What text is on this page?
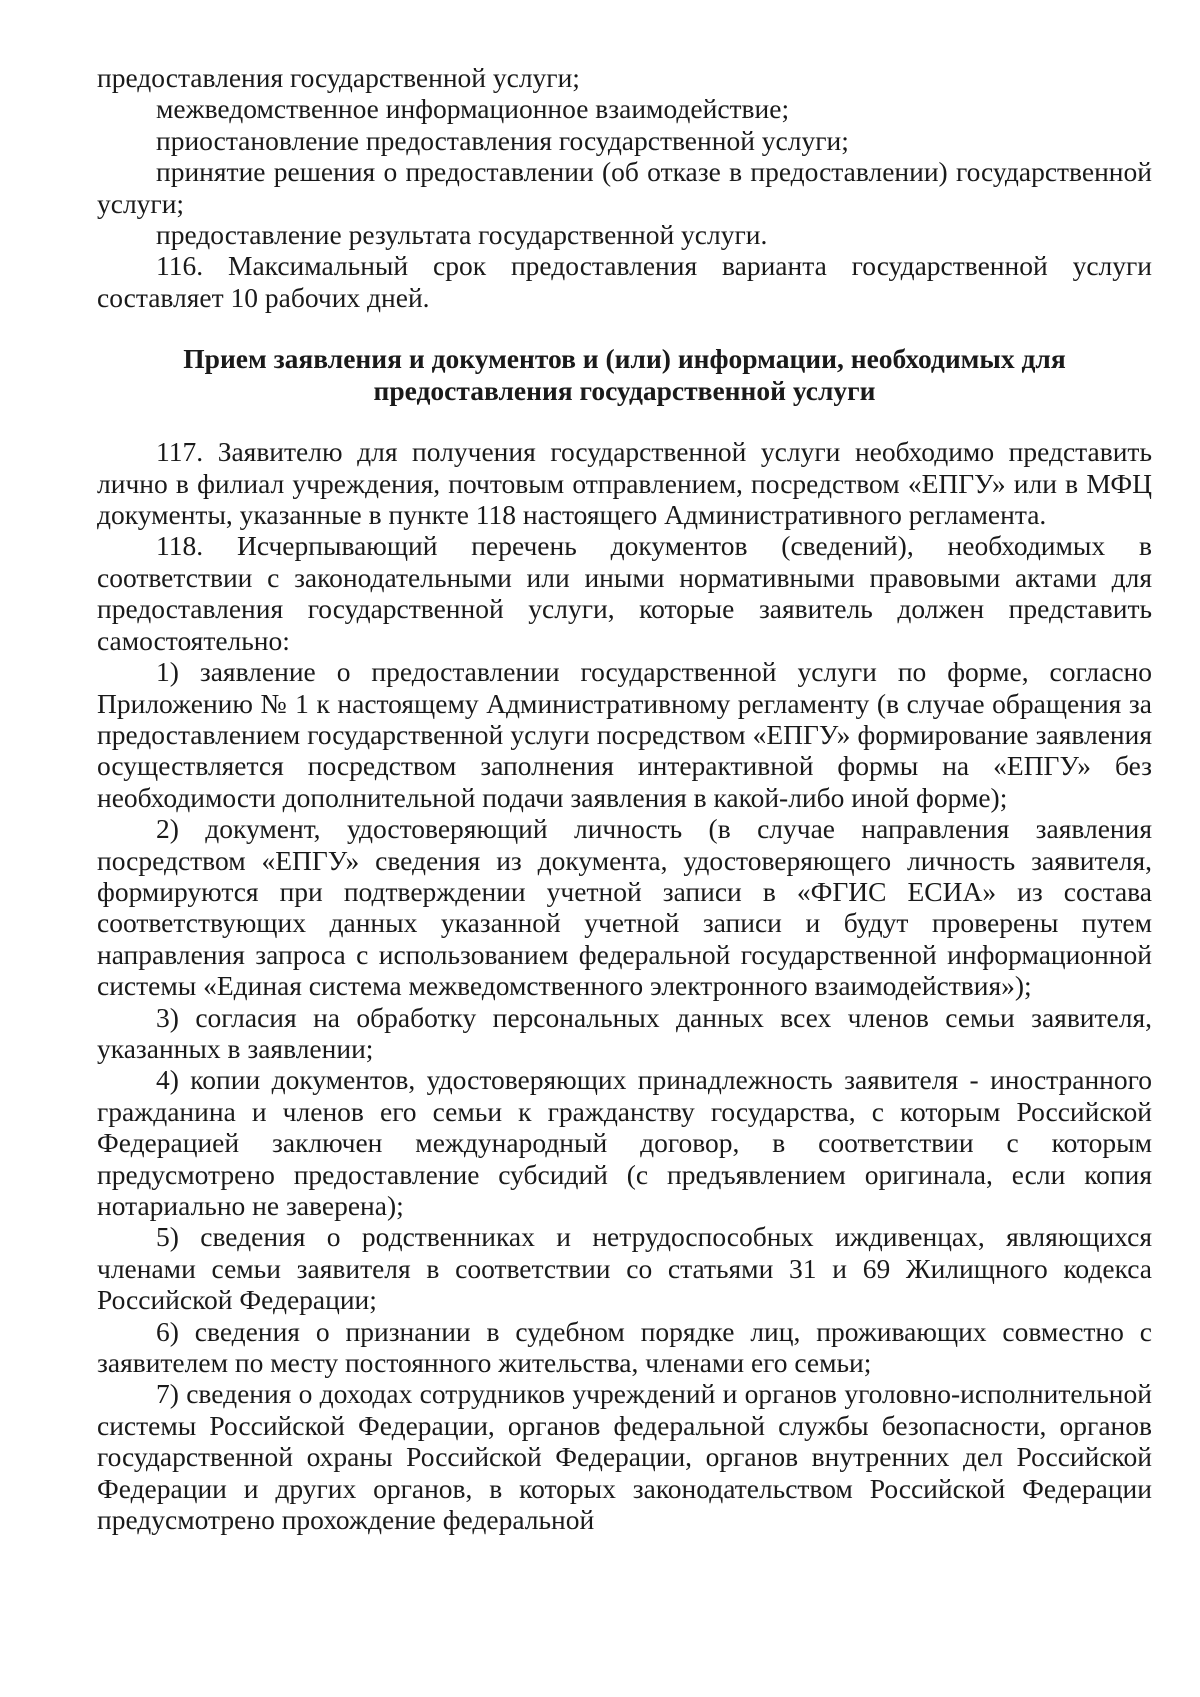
предоставления государственной услуги;

межведомственное информационное взаимодействие;

приостановление предоставления государственной услуги;

принятие решения о предоставлении (об отказе в предоставлении) государственной услуги;

предоставление результата государственной услуги.

116. Максимальный срок предоставления варианта государственной услуги составляет 10 рабочих дней.

Прием заявления и документов и (или) информации, необходимых для
предоставления государственной услуги

117. Заявителю для получения государственной услуги необходимо представить лично в филиал учреждения, почтовым отправлением, посредством «ЕПГУ» или в МФЦ документы, указанные в пункте 118 настоящего Административного регламента.

118. Исчерпывающий перечень документов (сведений), необходимых в соответствии с законодательными или иными нормативными правовыми актами для предоставления государственной услуги, которые заявитель должен представить самостоятельно:

1) заявление о предоставлении государственной услуги по форме, согласно Приложению № 1 к настоящему Административному регламенту (в случае обращения за предоставлением государственной услуги посредством «ЕПГУ» формирование заявления осуществляется посредством заполнения интерактивной формы на «ЕПГУ» без необходимости дополнительной подачи заявления в какой-либо иной форме);

2) документ, удостоверяющий личность (в случае направления заявления посредством «ЕПГУ» сведения из документа, удостоверяющего личность заявителя, формируются при подтверждении учетной записи в «ФГИС ЕСИА» из состава соответствующих данных указанной учетной записи и будут проверены путем направления запроса с использованием федеральной государственной информационной системы «Единая система межведомственного электронного взаимодействия»);

3) согласия на обработку персональных данных всех членов семьи заявителя, указанных в заявлении;

4) копии документов, удостоверяющих принадлежность заявителя - иностранного гражданина и членов его семьи к гражданству государства, с которым Российской Федерацией заключен международный договор, в соответствии с которым предусмотрено предоставление субсидий (с предъявлением оригинала, если копия нотариально не заверена);

5) сведения о родственниках и нетрудоспособных иждивенцах, являющихся членами семьи заявителя в соответствии со статьями 31 и 69 Жилищного кодекса Российской Федерации;

6) сведения о признании в судебном порядке лиц, проживающих совместно с заявителем по месту постоянного жительства, членами его семьи;

7) сведения о доходах сотрудников учреждений и органов уголовно-исполнительной системы Российской Федерации, органов федеральной службы безопасности, органов государственной охраны Российской Федерации, органов внутренних дел Российской Федерации и других органов, в которых законодательством Российской Федерации предусмотрено прохождение федеральной
